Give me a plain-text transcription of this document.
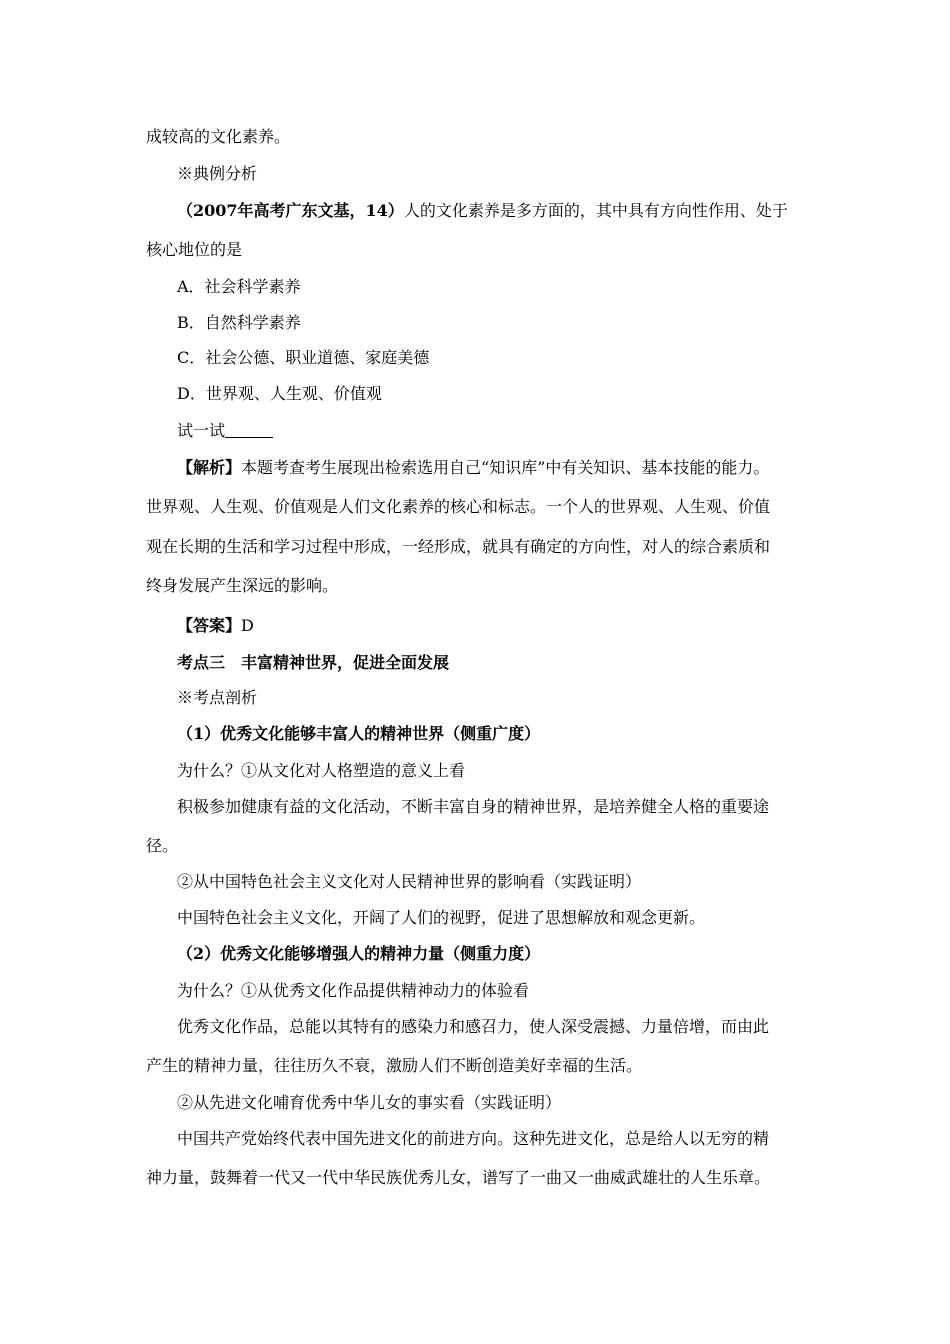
成较高的文化素养。
※典例分析
（2007年高考广东文基，14）人的文化素养是多方面的，其中具有方向性作用、处于
核心地位的是
A．社会科学素养
B．自然科学素养
C．社会公德、职业道德、家庭美德
D．世界观、人生观、价值观
试一试
【解析】本题考查考生展现出检索选用自己“知识库”中有关知识、基本技能的能力。
世界观、人生观、价值观是人们文化素养的核心和标志。一个人的世界观、人生观、价值
观在长期的生活和学习过程中形成，一经形成，就具有确定的方向性，对人的综合素质和
终身发展产生深远的影响。
【答案】D
考点三　丰富精神世界，促进全面发展
※考点剖析
（1）优秀文化能够丰富人的精神世界（侧重广度）
为什么？①从文化对人格塑造的意义上看
积极参加健康有益的文化活动，不断丰富自身的精神世界，是培养健全人格的重要途
径。
②从中国特色社会主义文化对人民精神世界的影响看（实践证明）
中国特色社会主义文化，开阔了人们的视野，促进了思想解放和观念更新。
（2）优秀文化能够增强人的精神力量（侧重力度）
为什么？①从优秀文化作品提供精神动力的体验看
优秀文化作品，总能以其特有的感染力和感召力，使人深受震撼、力量倍增，而由此
产生的精神力量，往往历久不衰，激励人们不断创造美好幸福的生活。
②从先进文化哺育优秀中华儿女的事实看（实践证明）
中国共产党始终代表中国先进文化的前进方向。这种先进文化，总是给人以无穷的精
神力量，鼓舞着一代又一代中华民族优秀儿女，谱写了一曲又一曲威武雄壮的人生乐章。
